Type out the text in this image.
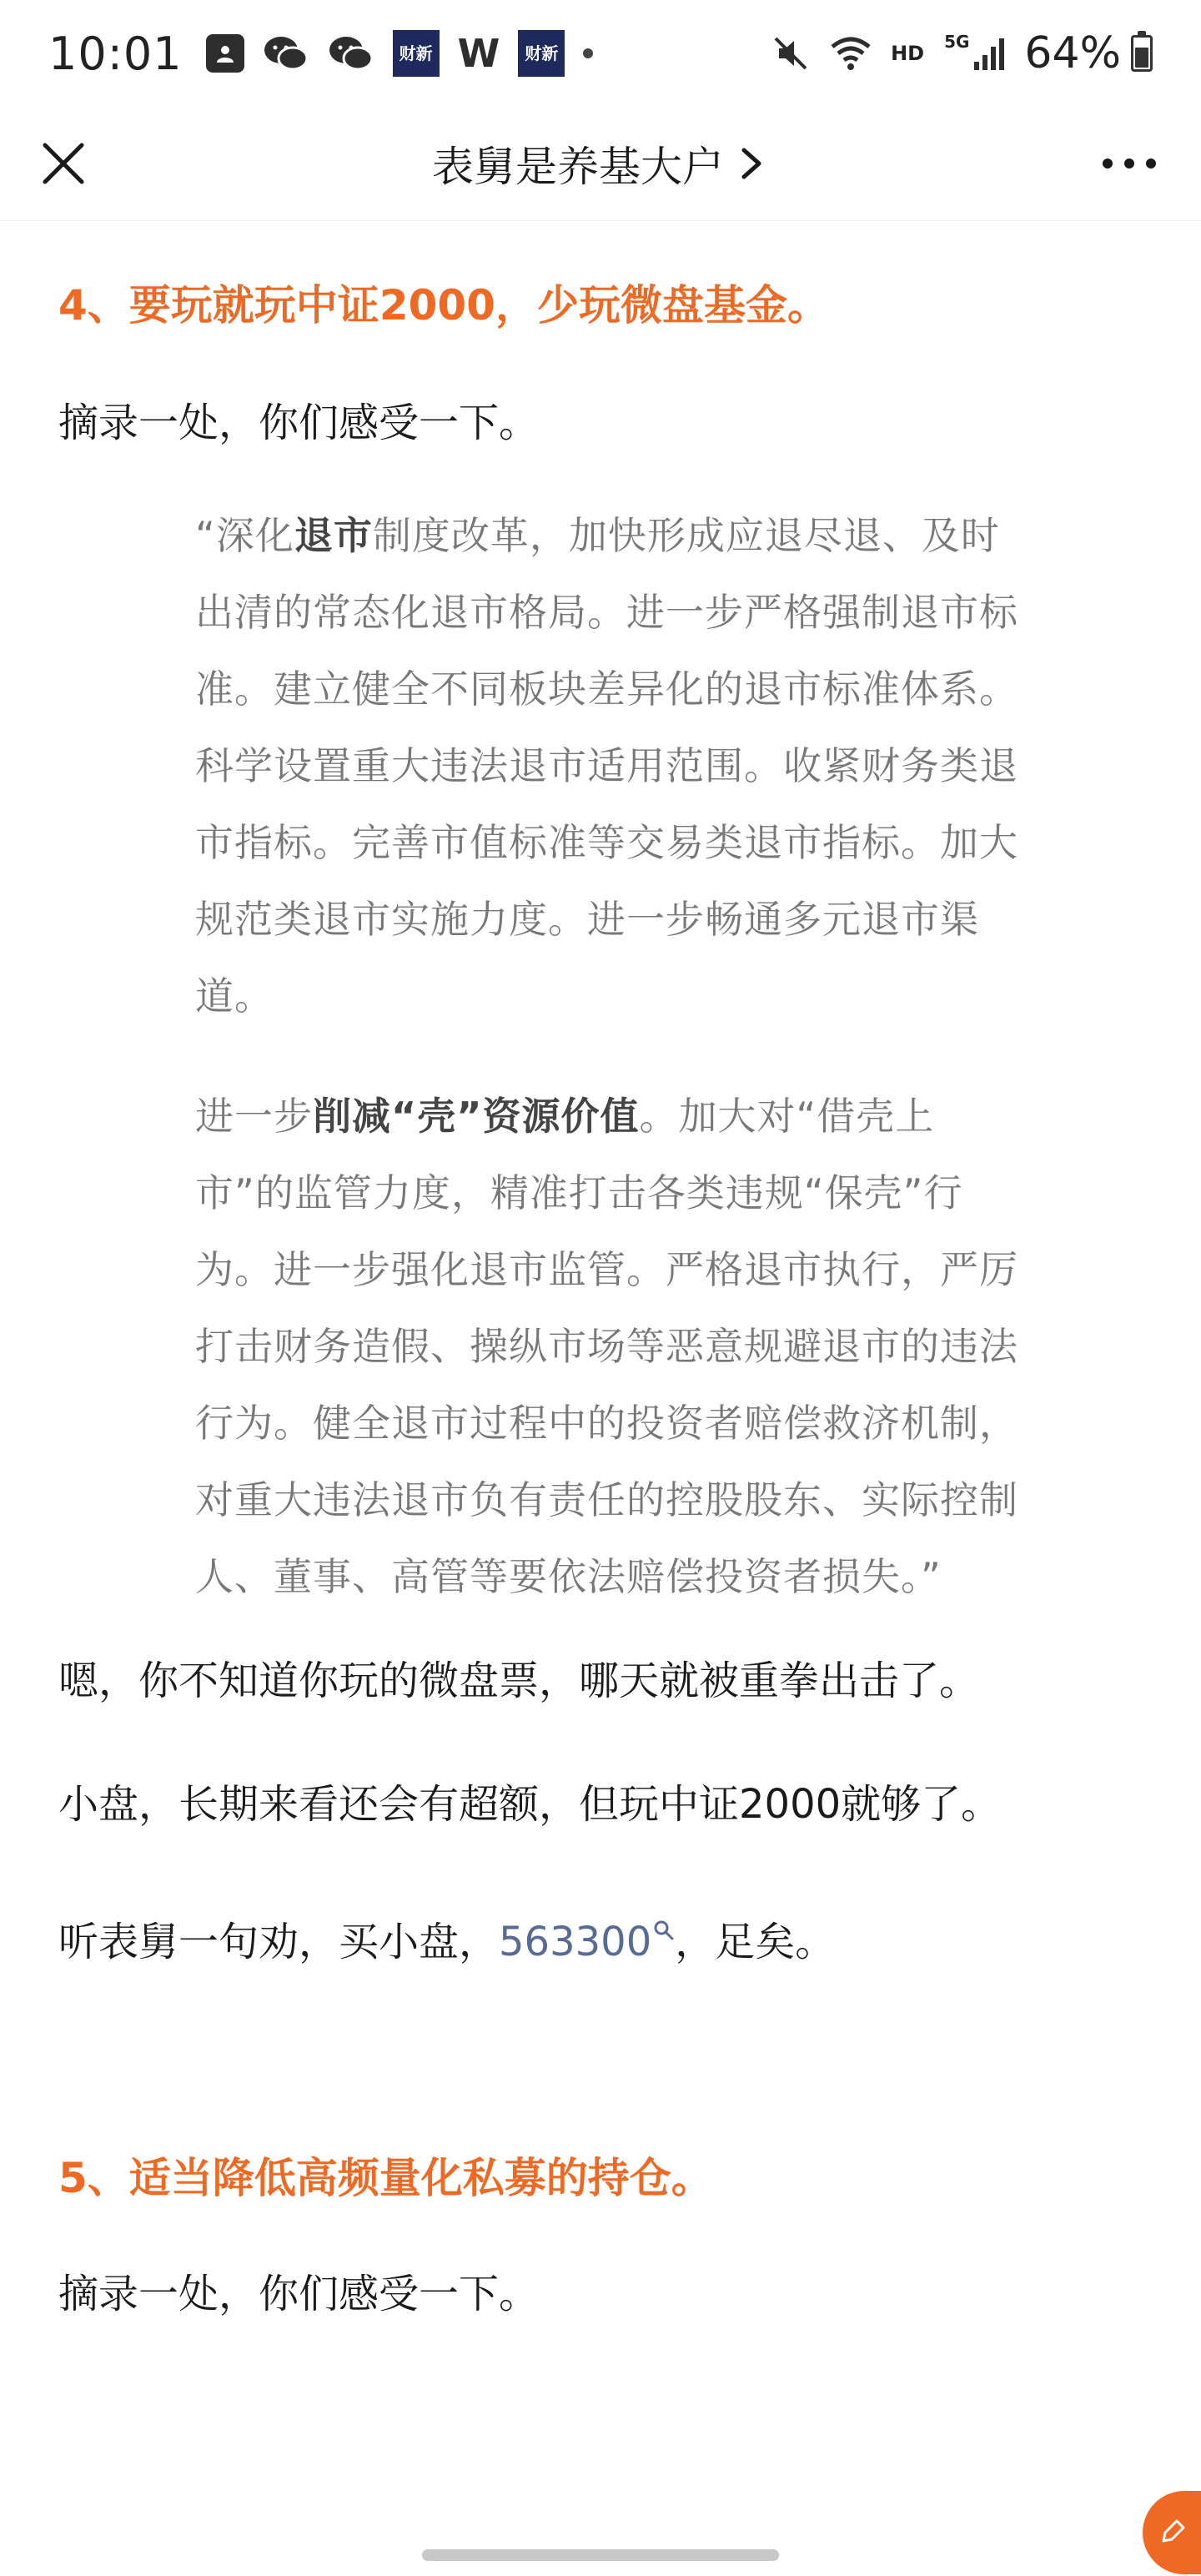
10:01	财新 W	财新	HD 5G 64%
表舅是养基大户
4、要玩就玩中证2000，少玩微盘基金。

摘录一处，你们感受一下。

“深化退市制度改革，加快形成应退尽退、及时出清的常态化退市格局。进一步严格强制退市标准。建立健全不同板块差异化的退市标准体系。科学设置重大违法退市适用范围。收紧财务类退市指标。完善市值标准等交易类退市指标。加大规范类退市实施力度。进一步畅通多元退市渠道。

进一步削减“壳”资源价值。加大对“借壳上市”的监管力度，精准打击各类违规“保壳”行为。进一步强化退市监管。严格退市执行，严厉打击财务造假、操纵市场等恶意规避退市的违法行为。健全退市过程中的投资者赔偿救济机制，对重大违法退市负有责任的控股股东、实际控制人、董事、高管等要依法赔偿投资者损失。”

嗯，你不知道你玩的微盘票，哪天就被重拳出击了。

小盘，长期来看还会有超额，但玩中证2000就够了。

听表舅一句劝，买小盘，563300 ，足矣。

5、适当降低高频量化私募的持仓。

摘录一处，你们感受一下。
